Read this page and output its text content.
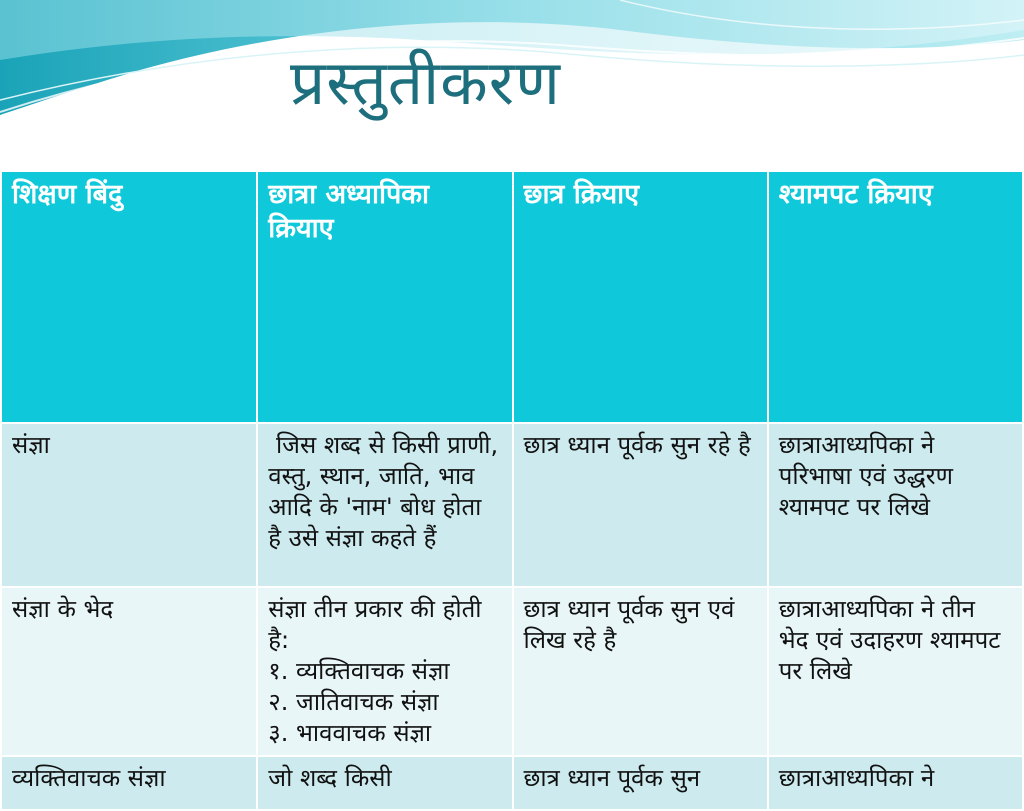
प्रस्तुतीकरण
शिक्षण बिंदु	छात्रा अध्यापिका क्रियाए	छात्र क्रियाए	श्यामपट क्रियाए
संज्ञा	जिस शब्द से किसी प्राणी, वस्तु, स्थान, जाति, भाव आदि के 'नाम' बोध होता है उसे संज्ञा कहते हैं	छात्र ध्यान पूर्वक सुन रहे है	छात्राआध्यपिका ने परिभाषा एवं उद्धरण श्यामपट पर लिखे
संज्ञा के भेद	संज्ञा तीन प्रकार की होती है:
१. व्यक्तिवाचक संज्ञा
२. जातिवाचक संज्ञा
३. भाववाचक संज्ञा	छात्र ध्यान पूर्वक सुन एवं लिख रहे है	छात्राआध्यपिका ने तीन  भेद एवं उदाहरण श्यामपट पर लिखे
व्यक्तिवाचक संज्ञा	जो शब्द किसी	छात्र ध्यान पूर्वक सुन	छात्राआध्यपिका ने
